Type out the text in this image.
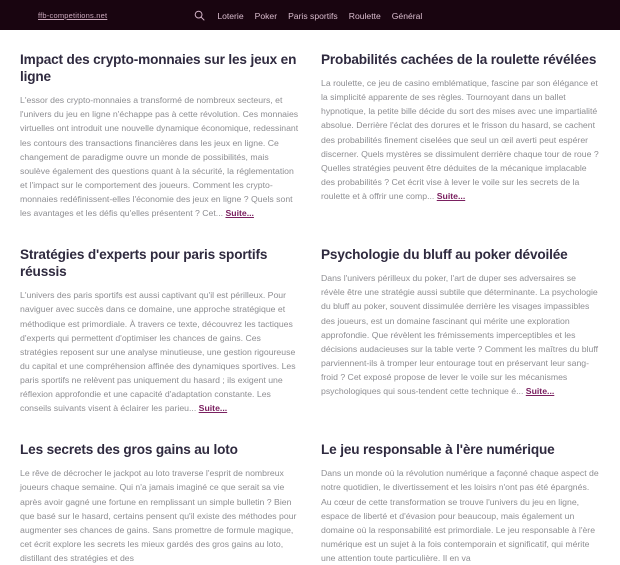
ffb-competitions.net	Loterie Poker Paris sportifs Roulette Général
Impact des crypto-monnaies sur les jeux en ligne

L'essor des crypto-monnaies a transformé de nombreux secteurs, et l'univers du jeu en ligne n'échappe pas à cette révolution. Ces monnaies virtuelles ont introduit une nouvelle dynamique économique, redessinant les contours des transactions financières dans les jeux en ligne. Ce changement de paradigme ouvre un monde de possibilités, mais soulève également des questions quant à la sécurité, la réglementation et l'impact sur le comportement des joueurs. Comment les crypto-monnaies redéfinissent-elles l'économie des jeux en ligne ? Quels sont les avantages et les défis qu'elles présentent ? Cet... Suite...

Probabilités cachées de la roulette révélées

La roulette, ce jeu de casino emblématique, fascine par son élégance et la simplicité apparente de ses règles. Tournoyant dans un ballet hypnotique, la petite bille décide du sort des mises avec une impartialité absolue. Derrière l'éclat des dorures et le frisson du hasard, se cachent des probabilités finement ciselées que seul un œil averti peut espérer discerner. Quels mystères se dissimulent derrière chaque tour de roue ? Quelles stratégies peuvent être déduites de la mécanique implacable des probabilités ? Cet écrit vise à lever le voile sur les secrets de la roulette et à offrir une comp... Suite...

Stratégies d'experts pour paris sportifs réussis

L'univers des paris sportifs est aussi captivant qu'il est périlleux. Pour naviguer avec succès dans ce domaine, une approche stratégique et méthodique est primordiale. À travers ce texte, découvrez les tactiques d'experts qui permettent d'optimiser les chances de gains. Ces stratégies reposent sur une analyse minutieuse, une gestion rigoureuse du capital et une compréhension affinée des dynamiques sportives. Les paris sportifs ne relèvent pas uniquement du hasard ; ils exigent une réflexion approfondie et une capacité d'adaptation constante. Les conseils suivants visent à éclairer les parieu... Suite...

Psychologie du bluff au poker dévoilée

Dans l'univers périlleux du poker, l'art de duper ses adversaires se révèle être une stratégie aussi subtile que déterminante. La psychologie du bluff au poker, souvent dissimulée derrière les visages impassibles des joueurs, est un domaine fascinant qui mérite une exploration approfondie. Que révèlent les frémissements imperceptibles et les décisions audacieuses sur la table verte ? Comment les maîtres du bluff parviennent-ils à tromper leur entourage tout en préservant leur sang-froid ? Cet exposé propose de lever le voile sur les mécanismes psychologiques qui sous-tendent cette technique é... Suite...

Les secrets des gros gains au loto

Le rêve de décrocher le jackpot au loto traverse l'esprit de nombreux joueurs chaque semaine. Qui n'a jamais imaginé ce que serait sa vie après avoir gagné une fortune en remplissant un simple bulletin ? Bien que basé sur le hasard, certains pensent qu'il existe des méthodes pour augmenter ses chances de gains. Sans promettre de formule magique, cet écrit explore les secrets les mieux gardés des gros gains au loto, distillant des stratégies et des

Le jeu responsable à l'ère numérique

Dans un monde où la révolution numérique a façonné chaque aspect de notre quotidien, le divertissement et les loisirs n'ont pas été épargnés. Au cœur de cette transformation se trouve l'univers du jeu en ligne, espace de liberté et d'évasion pour beaucoup, mais également un domaine où la responsabilité est primordiale. Le jeu responsable à l'ère numérique est un sujet à la fois contemporain et significatif, qui mérite une attention toute particulière. Il en va
